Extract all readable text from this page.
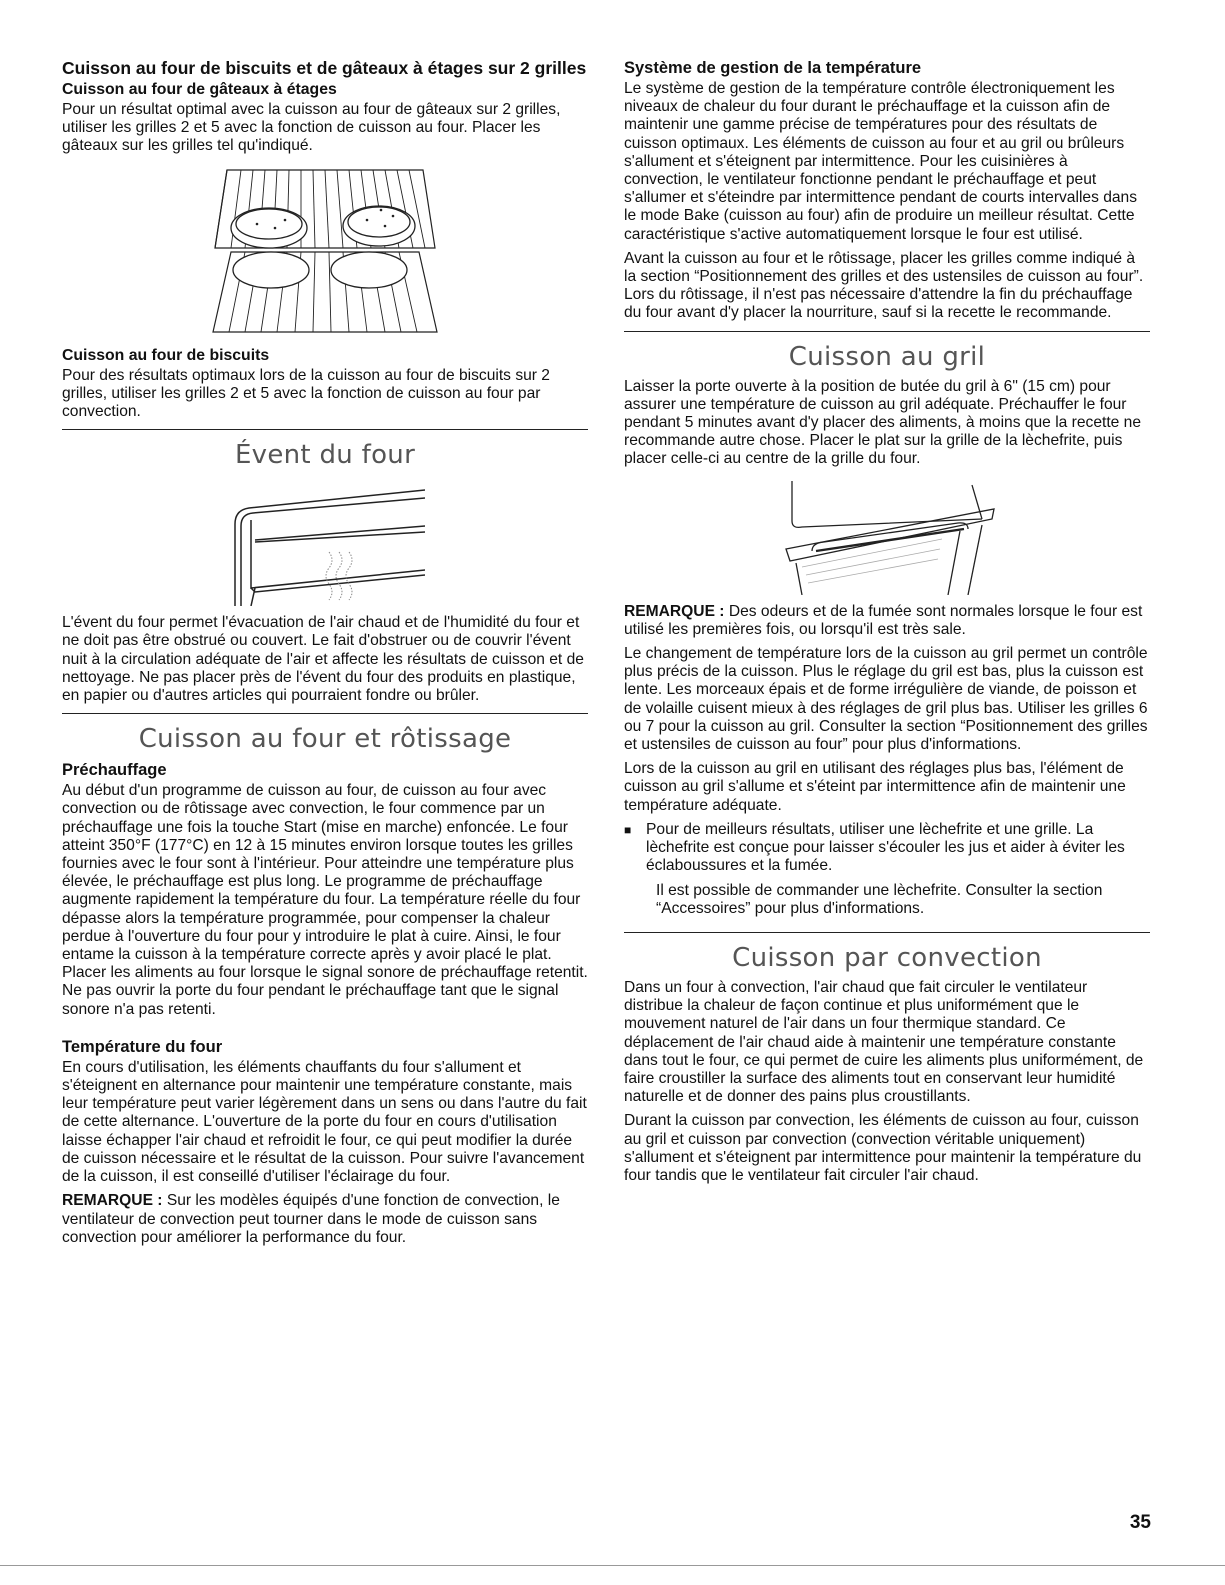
Cuisson au four de biscuits et de gâteaux à étages sur 2 grilles
Cuisson au four de gâteaux à étages

Pour un résultat optimal avec la cuisson au four de gâteaux sur 2 grilles, utiliser les grilles 2 et 5 avec la fonction de cuisson au four. Placer les gâteaux sur les grilles tel qu'indiqué.

Cuisson au four de biscuits

Pour des résultats optimaux lors de la cuisson au four de biscuits sur 2 grilles, utiliser les grilles 2 et 5 avec la fonction de cuisson au four par convection.

Évent du four

L'évent du four permet l'évacuation de l'air chaud et de l'humidité du four et ne doit pas être obstrué ou couvert. Le fait d'obstruer ou de couvrir l'évent nuit à la circulation adéquate de l'air et affecte les résultats de cuisson et de nettoyage. Ne pas placer près de l'évent du four des produits en plastique, en papier ou d'autres articles qui pourraient fondre ou brûler.

Cuisson au four et rôtissage
Préchauffage

Au début d'un programme de cuisson au four, de cuisson au four avec convection ou de rôtissage avec convection, le four commence par un préchauffage une fois la touche Start (mise en marche) enfoncée. Le four atteint 350°F (177°C) en 12 à 15 minutes environ lorsque toutes les grilles fournies avec le four sont à l'intérieur. Pour atteindre une température plus élevée, le préchauffage est plus long. Le programme de préchauffage augmente rapidement la température du four. La température réelle du four dépasse alors la température programmée, pour compenser la chaleur perdue à l'ouverture du four pour y introduire le plat à cuire. Ainsi, le four entame la cuisson à la température correcte après y avoir placé le plat. Placer les aliments au four lorsque le signal sonore de préchauffage retentit. Ne pas ouvrir la porte du four pendant le préchauffage tant que le signal sonore n'a pas retenti.

Température du four

En cours d'utilisation, les éléments chauffants du four s'allument et s'éteignent en alternance pour maintenir une température constante, mais leur température peut varier légèrement dans un sens ou dans l'autre du fait de cette alternance. L'ouverture de la porte du four en cours d'utilisation laisse échapper l'air chaud et refroidit le four, ce qui peut modifier la durée de cuisson nécessaire et le résultat de la cuisson. Pour suivre l'avancement de la cuisson, il est conseillé d'utiliser l'éclairage du four.

REMARQUE : Sur les modèles équipés d'une fonction de convection, le ventilateur de convection peut tourner dans le mode de cuisson sans convection pour améliorer la performance du four.

Système de gestion de la température

Le système de gestion de la température contrôle électroniquement les niveaux de chaleur du four durant le préchauffage et la cuisson afin de maintenir une gamme précise de températures pour des résultats de cuisson optimaux. Les éléments de cuisson au four et au gril ou brûleurs s'allument et s'éteignent par intermittence. Pour les cuisinières à convection, le ventilateur fonctionne pendant le préchauffage et peut s'allumer et s'éteindre par intermittence pendant de courts intervalles dans le mode Bake (cuisson au four) afin de produire un meilleur résultat. Cette caractéristique s'active automatiquement lorsque le four est utilisé.

Avant la cuisson au four et le rôtissage, placer les grilles comme indiqué à la section “Positionnement des grilles et des ustensiles de cuisson au four”. Lors du rôtissage, il n'est pas nécessaire d'attendre la fin du préchauffage du four avant d'y placer la nourriture, sauf si la recette le recommande.

Cuisson au gril

Laisser la porte ouverte à la position de butée du gril à 6" (15 cm) pour assurer une température de cuisson au gril adéquate. Préchauffer le four pendant 5 minutes avant d'y placer des aliments, à moins que la recette ne recommande autre chose. Placer le plat sur la grille de la lèchefrite, puis placer celle-ci au centre de la grille du four.

REMARQUE : Des odeurs et de la fumée sont normales lorsque le four est utilisé les premières fois, ou lorsqu'il est très sale.

Le changement de température lors de la cuisson au gril permet un contrôle plus précis de la cuisson. Plus le réglage du gril est bas, plus la cuisson est lente. Les morceaux épais et de forme irrégulière de viande, de poisson et de volaille cuisent mieux à des réglages de gril plus bas. Utiliser les grilles 6 ou 7 pour la cuisson au gril. Consulter la section “Positionnement des grilles et ustensiles de cuisson au four” pour plus d'informations.

Lors de la cuisson au gril en utilisant des réglages plus bas, l'élément de cuisson au gril s'allume et s'éteint par intermittence afin de maintenir une température adéquate.

■ Pour de meilleurs résultats, utiliser une lèchefrite et une grille. La lèchefrite est conçue pour laisser s'écouler les jus et aider à éviter les éclaboussures et la fumée.

Il est possible de commander une lèchefrite. Consulter la section “Accessoires” pour plus d'informations.

Cuisson par convection

Dans un four à convection, l'air chaud que fait circuler le ventilateur distribue la chaleur de façon continue et plus uniformément que le mouvement naturel de l'air dans un four thermique standard. Ce déplacement de l'air chaud aide à maintenir une température constante dans tout le four, ce qui permet de cuire les aliments plus uniformément, de faire croustiller la surface des aliments tout en conservant leur humidité naturelle et de donner des pains plus croustillants.

Durant la cuisson par convection, les éléments de cuisson au four, cuisson au gril et cuisson par convection (convection véritable uniquement) s'allument et s'éteignent par intermittence pour maintenir la température du four tandis que le ventilateur fait circuler l'air chaud.

35
